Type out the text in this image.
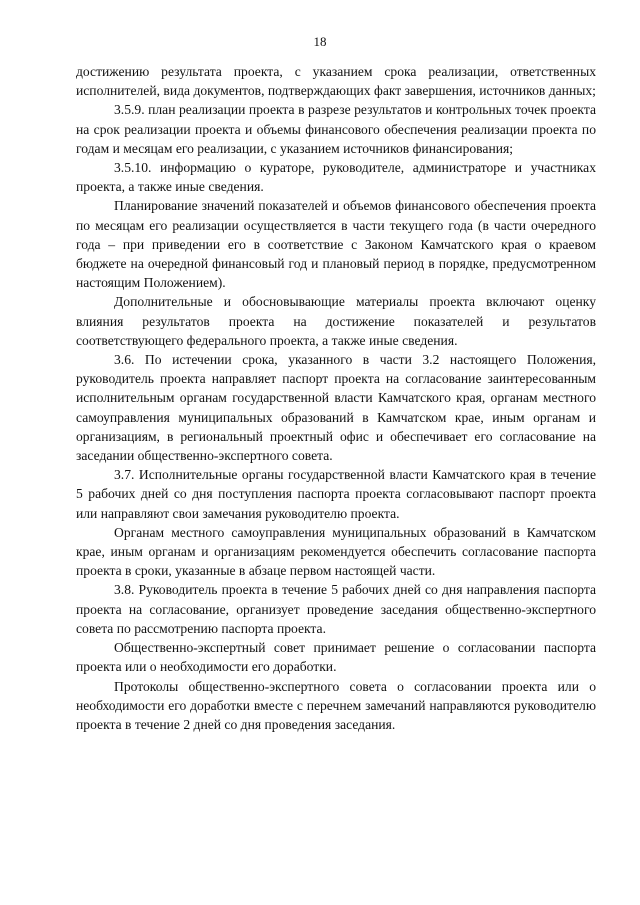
18

достижению результата проекта, с указанием срока реализации, ответственных исполнителей, вида документов, подтверждающих факт завершения, источников данных;

3.5.9. план реализации проекта в разрезе результатов и контрольных точек проекта на срок реализации проекта и объемы финансового обеспечения реализации проекта по годам и месяцам его реализации, с указанием источников финансирования;

3.5.10. информацию о кураторе, руководителе, администраторе и участниках проекта, а также иные сведения.

Планирование значений показателей и объемов финансового обеспечения проекта по месяцам его реализации осуществляется в части текущего года (в части очередного года – при приведении его в соответствие с Законом Камчатского края о краевом бюджете на очередной финансовый год и плановый период в порядке, предусмотренном настоящим Положением).

Дополнительные и обосновывающие материалы проекта включают оценку влияния результатов проекта на достижение показателей и результатов соответствующего федерального проекта, а также иные сведения.

3.6. По истечении срока, указанного в части 3.2 настоящего Положения, руководитель проекта направляет паспорт проекта на согласование заинтересованным исполнительным органам государственной власти Камчатского края, органам местного самоуправления муниципальных образований в Камчатском крае, иным органам и организациям, в региональный проектный офис и обеспечивает его согласование на заседании общественно-экспертного совета.

3.7. Исполнительные органы государственной власти Камчатского края в течение 5 рабочих дней со дня поступления паспорта проекта согласовывают паспорт проекта или направляют свои замечания руководителю проекта.

Органам местного самоуправления муниципальных образований в Камчатском крае, иным органам и организациям рекомендуется обеспечить согласование паспорта проекта в сроки, указанные в абзаце первом настоящей части.

3.8. Руководитель проекта в течение 5 рабочих дней со дня направления паспорта проекта на согласование, организует проведение заседания общественно-экспертного совета по рассмотрению паспорта проекта.

Общественно-экспертный совет принимает решение о согласовании паспорта проекта или о необходимости его доработки.

Протоколы общественно-экспертного совета о согласовании проекта или о необходимости его доработки вместе с перечнем замечаний направляются руководителю проекта в течение 2 дней со дня проведения заседания.
